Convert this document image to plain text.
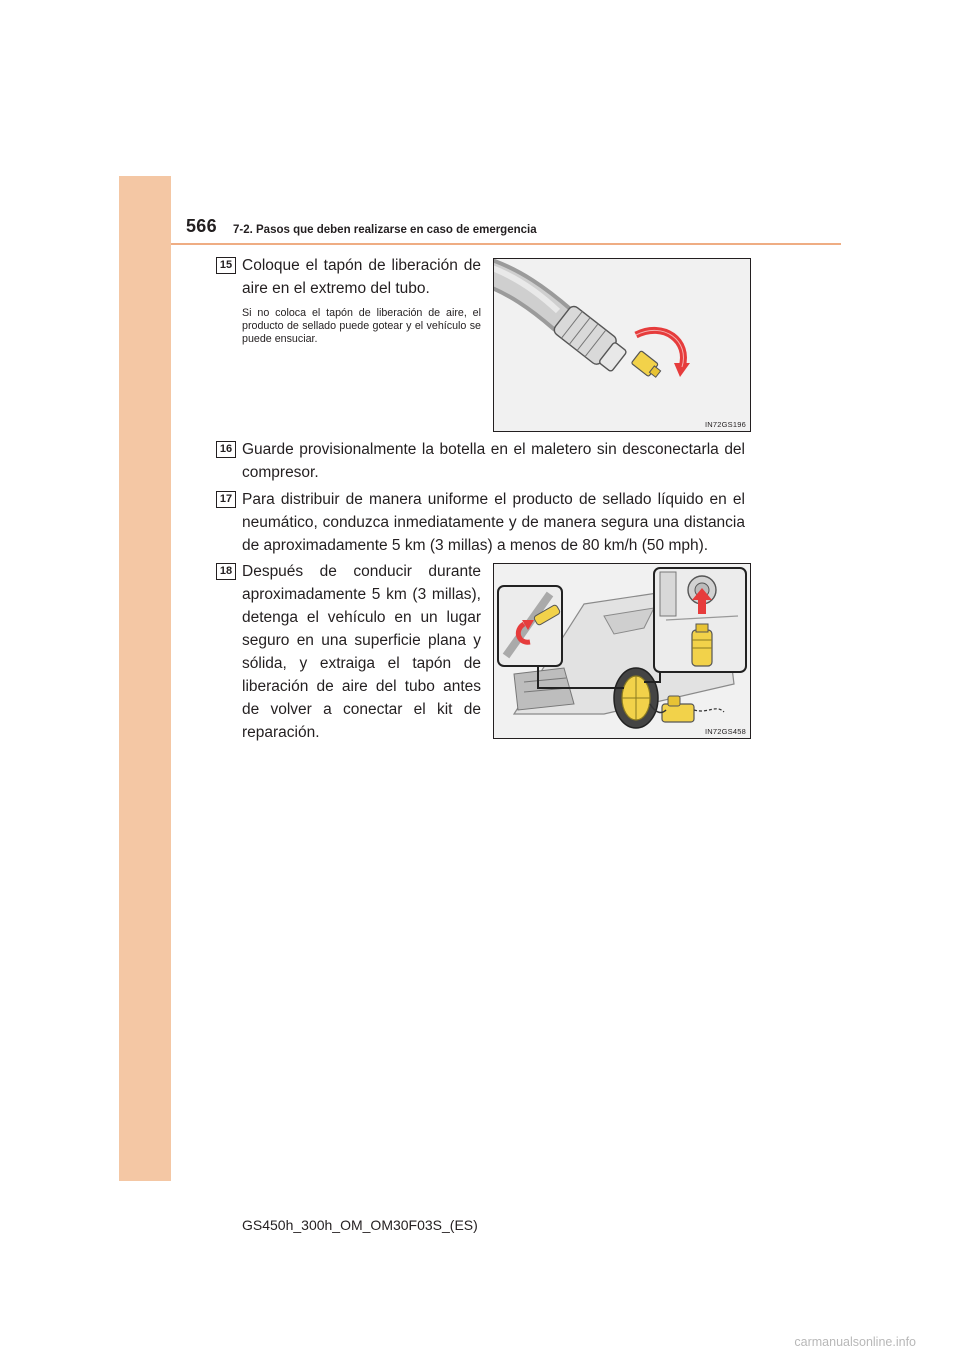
566 7-2. Pasos que deben realizarse en caso de emergencia
15 Coloque el tapón de liberación de aire en el extremo del tubo.
Si no coloca el tapón de liberación de aire, el producto de sellado puede gotear y el vehículo se puede ensuciar.
IN72GS196
16 Guarde provisionalmente la botella en el maletero sin desconectarla del compresor.
17 Para distribuir de manera uniforme el producto de sellado líquido en el neumático, conduzca inmediatamente y de manera segura una distancia de aproximadamente 5 km (3 millas) a menos de 80 km/h (50 mph).
18 Después de conducir durante aproximadamente 5 km (3 millas), detenga el vehículo en un lugar seguro en una superficie plana y sólida, y extraiga el tapón de liberación de aire del tubo antes de volver a conectar el kit de reparación.	IN72GS458
GS450h_300h_OM_OM30F03S_(ES)
carmanualsonline.info
